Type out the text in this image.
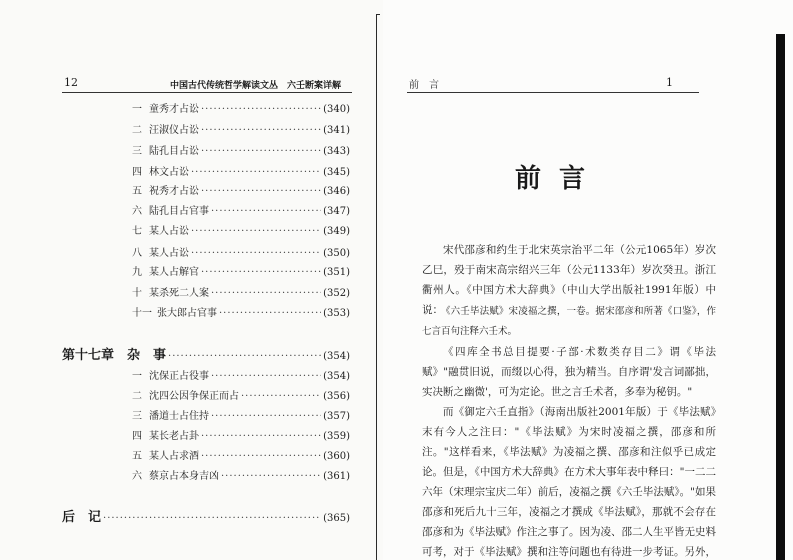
12	中国古代传统哲学解读文丛　六壬断案详解
一 童秀才占讼 ·····	(340)
二 汪淑仪占讼 ·····	(341)
三 陆孔目占讼 ·····	(343)
四 林文占讼 ·····	(345)
五 祝秀才占讼 ·····	(346)
六 陆孔目占官事 ·····	(347)
七 某人占讼 ·····	(349)
八 某人占讼 ·····	(350)
九 某人占解官 ·····	(351)
十 某杀死二人案 ·····	(352)
十一 张大郎占官事 ·····	(353)
第十七章　杂　事 ·····	(354)
一 沈保正占役事 ·····	(354)
二 沈四公因争保正而占 ·····	(356)
三 潘道士占住持 ·····	(357)
四 某长老占卦 ·····	(359)
五 某人占求酒 ·····	(360)
六 蔡京占本身吉凶 ·····	(361)
后　记 ·····	(365)
前　言	1
前言
宋代邵彦和约生于北宋英宗治平二年（公元1065年）岁次乙巳，殁于南宋高宗绍兴三年（公元1133年）岁次癸丑。浙江衢州人。《中国方术大辞典》（中山大学出版社1991年版）中说：
《六壬毕法赋》宋凌福之撰，一卷。据宋邵彦和所著《口鉴》，作七言百句注释六壬术。
《四库全书总目提要·子部·术数类存目二》谓《毕法赋》"融贯旧说，而缀以心得，独为精当。自序谓'发言词鄙拙，实决断之幽微'，可为定论。世之言壬术者，多奉为秘钥。"
而《御定六壬直指》（海南出版社2001年版）于《毕法赋》末有今人之注曰："《毕法赋》为宋时凌福之撰，邵彦和所注。"这样看来，《毕法赋》为凌福之撰、邵彦和注似乎已成定论。但是，《中国方术大辞典》在方术大事年表中释曰："一二二六年（宋理宗宝庆二年）前后，凌福之撰《六壬毕法赋》。"如果邵彦和死后九十三年，凌福之才撰成《毕法赋》，那就不会存在邵彦和为《毕法赋》作注之事了。因为凌、邵二人生平皆无史料可考，对于《毕法赋》撰和注等问题也有待进一步考证。另外，
